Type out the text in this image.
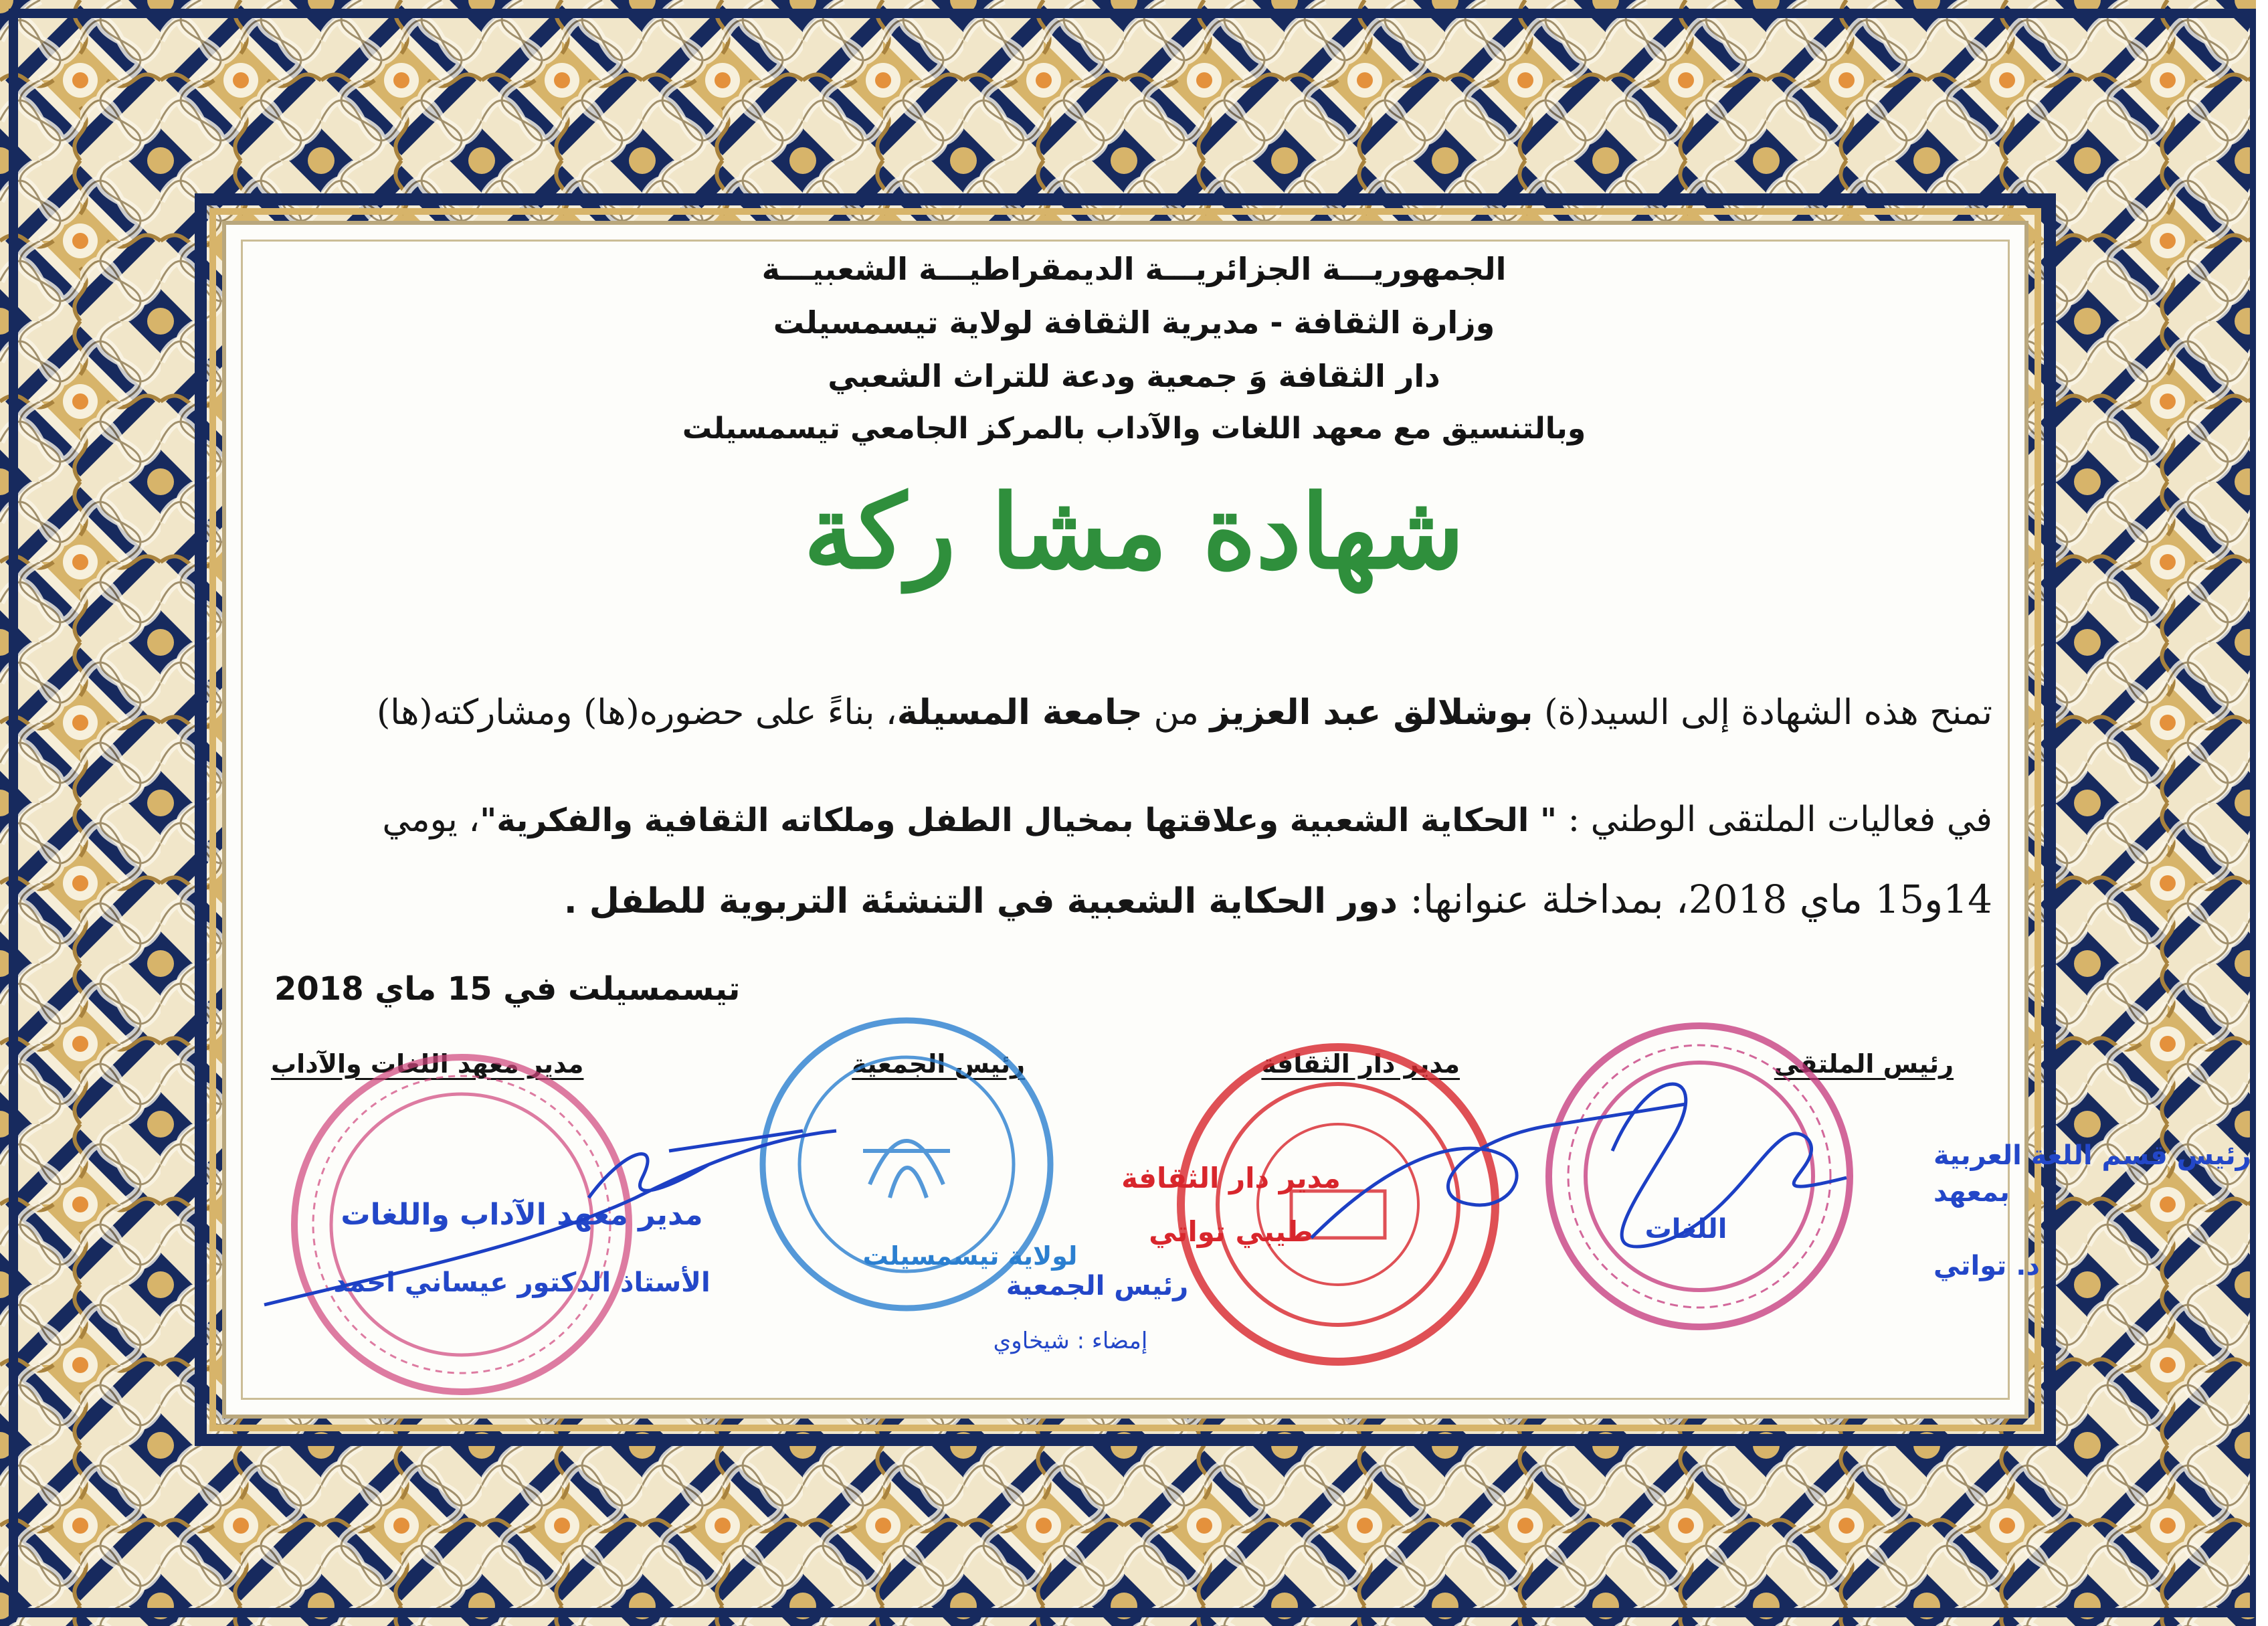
الجمهوريـــة الجزائريـــة الديمقراطيـــة الشعبيـــة
وزارة الثقافة - مديرية الثقافة لولاية تيسمسيلت
دار الثقافة وَ جمعية ودعة للتراث الشعبي
وبالتنسيق مع معهد اللغات والآداب بالمركز الجامعي تيسمسيلت
شهادة مشا ركة
تمنح هذه الشهادة إلى السيد(ة) بوشلالق عبد العزيز من جامعة المسيلة، بناءً على حضوره(ها) ومشاركته(ها)
في فعاليات الملتقى الوطني : " الحكاية الشعبية وعلاقتها بمخيال الطفل وملكاته الثقافية والفكرية"، يومي
14و15 ماي 2018، بمداخلة عنوانها: دور الحكاية الشعبية في التنشئة التربوية للطفل .
تيسمسيلت في 15 ماي 2018
رئيس الملتقى
مدير دار الثقافة
رئيس الجمعية
مدير معهد اللغات والآداب
رئيس قسم اللغة العربية
بمعهد
اللغات
د. تواتي
مدير دار الثقافة
طيبي تواتي
لولاية تيسمسيلت
رئيس الجمعية
إمضاء : شيخاوي
مدير معهد الآداب واللغات
الأستاذ الدكتور عيساني احمد
